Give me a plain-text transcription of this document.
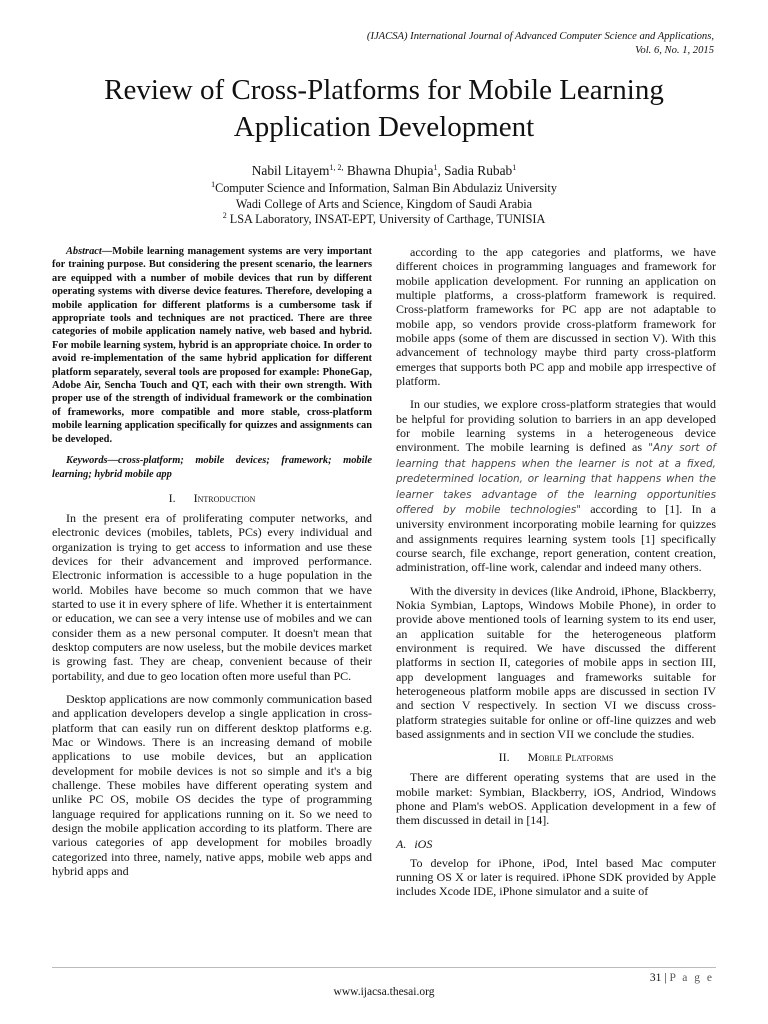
(IJACSA) International Journal of Advanced Computer Science and Applications,
Vol. 6, No. 1, 2015
Review of Cross-Platforms for Mobile Learning
Application Development
Nabil Litayem$^{1, 2,}$ Bhawna Dhupia$^1$, Sadia Rubab$^1$
$^1$Computer Science and Information, Salman Bin Abdulaziz University
Wadi College of Arts and Science, Kingdom of Saudi Arabia
$^2$ LSA Laboratory, INSAT-EPT, University of Carthage, TUNISIA

Abstract—Mobile learning management systems are very important for training purpose. But considering the present scenario, the learners are equipped with a number of mobile devices that run by different operating systems with diverse device features. Therefore, developing a mobile application for different platforms is a cumbersome task if appropriate tools and techniques are not practiced. There are three categories of mobile application namely native, web based and hybrid. For mobile learning system, hybrid is an appropriate choice. In order to avoid re-implementation of the same hybrid application for different platform separately, several tools are proposed for example: PhoneGap, Adobe Air, Sencha Touch and QT, each with their own strength. With proper use of the strength of individual framework or the combination of frameworks, more compatible and more stable, cross-platform mobile learning application specifically for quizzes and assignments can be developed.

Keywords—cross-platform; mobile devices; framework; mobile learning; hybrid mobile app

I. Introduction

In the present era of proliferating computer networks, and electronic devices (mobiles, tablets, PCs) every individual and organization is trying to get access to information and use these devices for their advancement and improved performance. Electronic information is accessible to a huge population in the world. Mobiles have become so much common that we have started to use it in every sphere of life. Whether it is entertainment or education, we can see a very intense use of mobiles and we can consider them as a new personal computer. It doesn't mean that desktop computers are now useless, but the mobile devices market is growing fast. They are cheap, convenient because of their portability, and due to geo location often more useful than PC.

Desktop applications are now commonly communication based and application developers develop a single application in cross-platform that can easily run on different desktop platforms e.g. Mac or Windows. There is an increasing demand of mobile applications to use mobile devices, but an application development for mobile devices is not so simple and it's a big challenge. These mobiles have different operating system and unlike PC OS, mobile OS decides the type of programming language required for applications running on it. So we need to design the mobile application according to its platform. There are various categories of app development for mobiles broadly categorized into three, namely, native apps, mobile web apps and hybrid apps and

according to the app categories and platforms, we have different choices in programming languages and framework for mobile application development. For running an application on multiple platforms, a cross-platform framework is required. Cross-platform frameworks for PC app are not adaptable to mobile app, so vendors provide cross-platform framework for mobile apps (some of them are discussed in section V). With this advancement of technology maybe third party cross-platform emerges that supports both PC app and mobile app irrespective of platform.

In our studies, we explore cross-platform strategies that would be helpful for providing solution to barriers in an app developed for mobile learning systems in a heterogeneous device environment. The mobile learning is defined as "Any sort of learning that happens when the learner is not at a fixed, predetermined location, or learning that happens when the learner takes advantage of the learning opportunities offered by mobile technologies" according to [1]. In a university environment incorporating mobile learning for quizzes and assignments requires learning system tools [1] specifically course search, file exchange, report generation, content creation, administration, off-line work, calendar and indeed many others.

With the diversity in devices (like Android, iPhone, Blackberry, Nokia Symbian, Laptops, Windows Mobile Phone), in order to provide above mentioned tools of learning system to its end user, an application suitable for the heterogeneous platform environment is required. We have discussed the different platforms in section II, categories of mobile apps in section III, app development languages and frameworks suitable for heterogeneous platform mobile apps are discussed in section IV and section V respectively. In section VI we discuss cross-platform strategies suitable for online or off-line quizzes and web based assignments and in section VII we conclude the studies.

II. Mobile Platforms

There are different operating systems that are used in the mobile market: Symbian, Blackberry, iOS, Andriod, Windows phone and Plam's webOS. Application development in a few of them discussed in detail in [14].

A. iOS

To develop for iPhone, iPod, Intel based Mac computer running OS X or later is required. iPhone SDK provided by Apple includes Xcode IDE, iPhone simulator and a suite of

31 | P a g e
www.ijacsa.thesai.org
